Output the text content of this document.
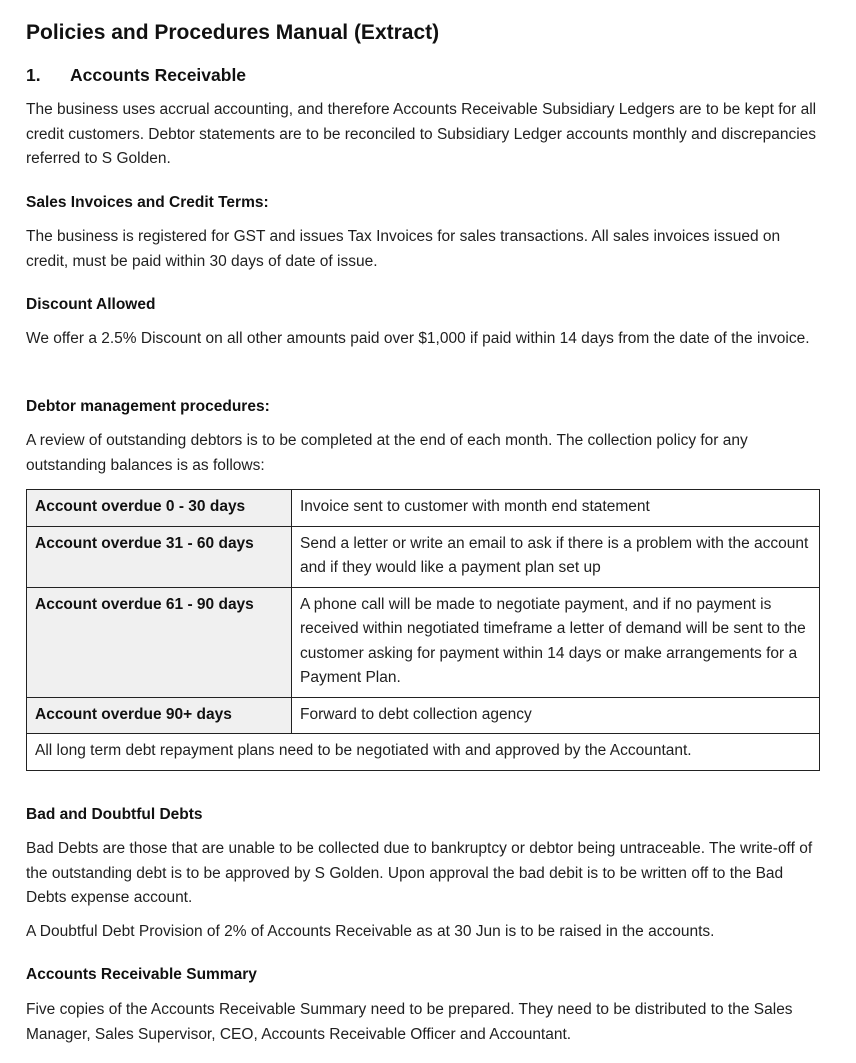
Policies and Procedures Manual (Extract)
1. Accounts Receivable

The business uses accrual accounting, and therefore Accounts Receivable Subsidiary Ledgers are to be kept for all credit customers. Debtor statements are to be reconciled to Subsidiary Ledger accounts monthly and discrepancies referred to S Golden.

Sales Invoices and Credit Terms:

The business is registered for GST and issues Tax Invoices for sales transactions. All sales invoices issued on credit, must be paid within 30 days of date of issue.

Discount Allowed

We offer a 2.5% Discount on all other amounts paid over $1,000 if paid within 14 days from the date of the invoice.

Debtor management procedures:

A review of outstanding debtors is to be completed at the end of each month. The collection policy for any outstanding balances is as follows:

Account overdue 0 - 30 days	Invoice sent to customer with month end statement
Account overdue 31 - 60 days	Send a letter or write an email to ask if there is a problem with the account and if they would like a payment plan set up
Account overdue 61 - 90 days	A phone call will be made to negotiate payment, and if no payment is received within negotiated timeframe a letter of demand will be sent to the customer asking for payment within 14 days or make arrangements for a Payment Plan.
Account overdue 90+ days	Forward to debt collection agency
All long term debt repayment plans need to be negotiated with and approved by the Accountant.	
Bad and Doubtful Debts

Bad Debts are those that are unable to be collected due to bankruptcy or debtor being untraceable. The write-off of the outstanding debt is to be approved by S Golden. Upon approval the bad debit is to be written off to the Bad Debts expense account.

A Doubtful Debt Provision of 2% of Accounts Receivable as at 30 Jun is to be raised in the accounts.

Accounts Receivable Summary

Five copies of the Accounts Receivable Summary need to be prepared. They need to be distributed to the Sales Manager, Sales Supervisor, CEO, Accounts Receivable Officer and Accountant.
